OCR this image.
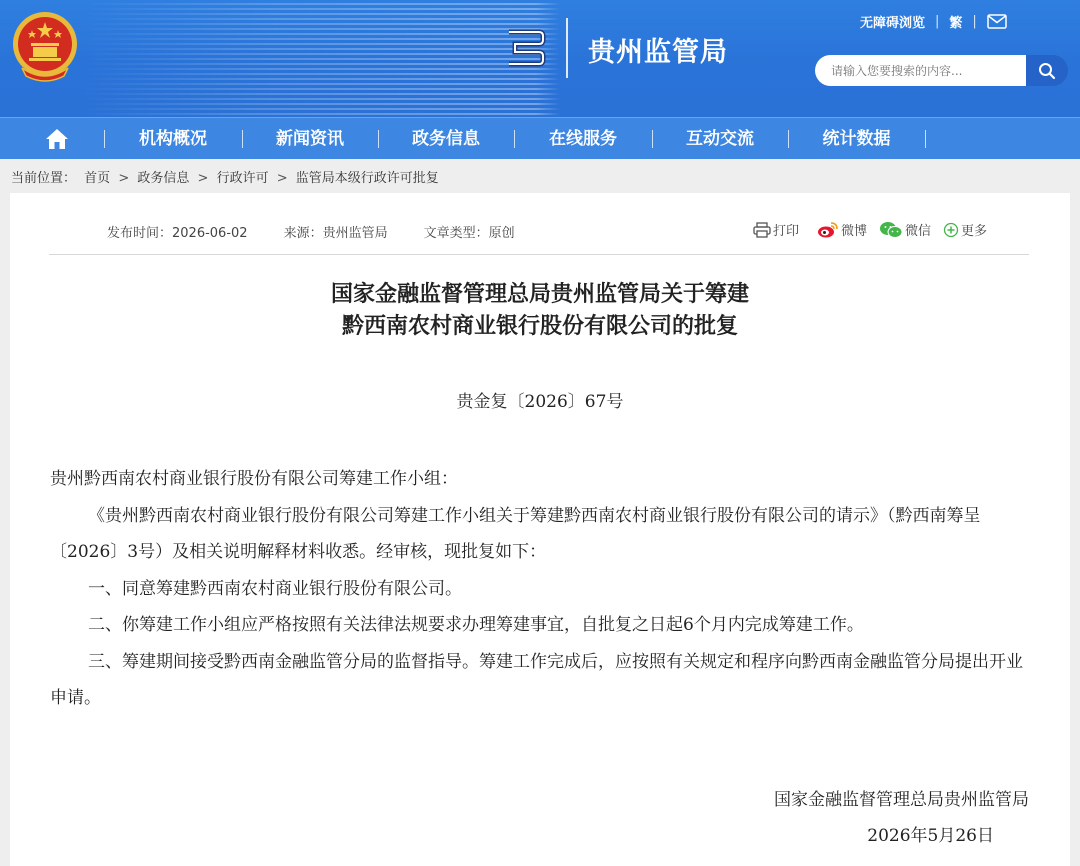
贵州监管局
无障碍浏览 | 繁 |
请输入您要搜索的内容...
机构概况	新闻资讯	政务信息	在线服务	互动交流	统计数据
当前位置： 首页 > 政务信息 > 行政许可 > 监管局本级行政许可批复
发布时间：2026-06-02	来源：贵州监管局	文章类型：原创	打印	微博	微信 更多
国家金融监督管理总局贵州监管局关于筹建
黔西南农村商业银行股份有限公司的批复
贵金复〔2026〕67号

贵州黔西南农村商业银行股份有限公司筹建工作小组：

《贵州黔西南农村商业银行股份有限公司筹建工作小组关于筹建黔西南农村商业银行股份有限公司的请示》（黔西南筹呈〔2026〕3号）及相关说明解释材料收悉。经审核，现批复如下：

一、同意筹建黔西南农村商业银行股份有限公司。

二、你筹建工作小组应严格按照有关法律法规要求办理筹建事宜，自批复之日起6个月内完成筹建工作。

三、筹建期间接受黔西南金融监管分局的监督指导。筹建工作完成后，应按照有关规定和程序向黔西南金融监管分局提出开业申请。

国家金融监督管理总局贵州监管局
2026年5月26日
